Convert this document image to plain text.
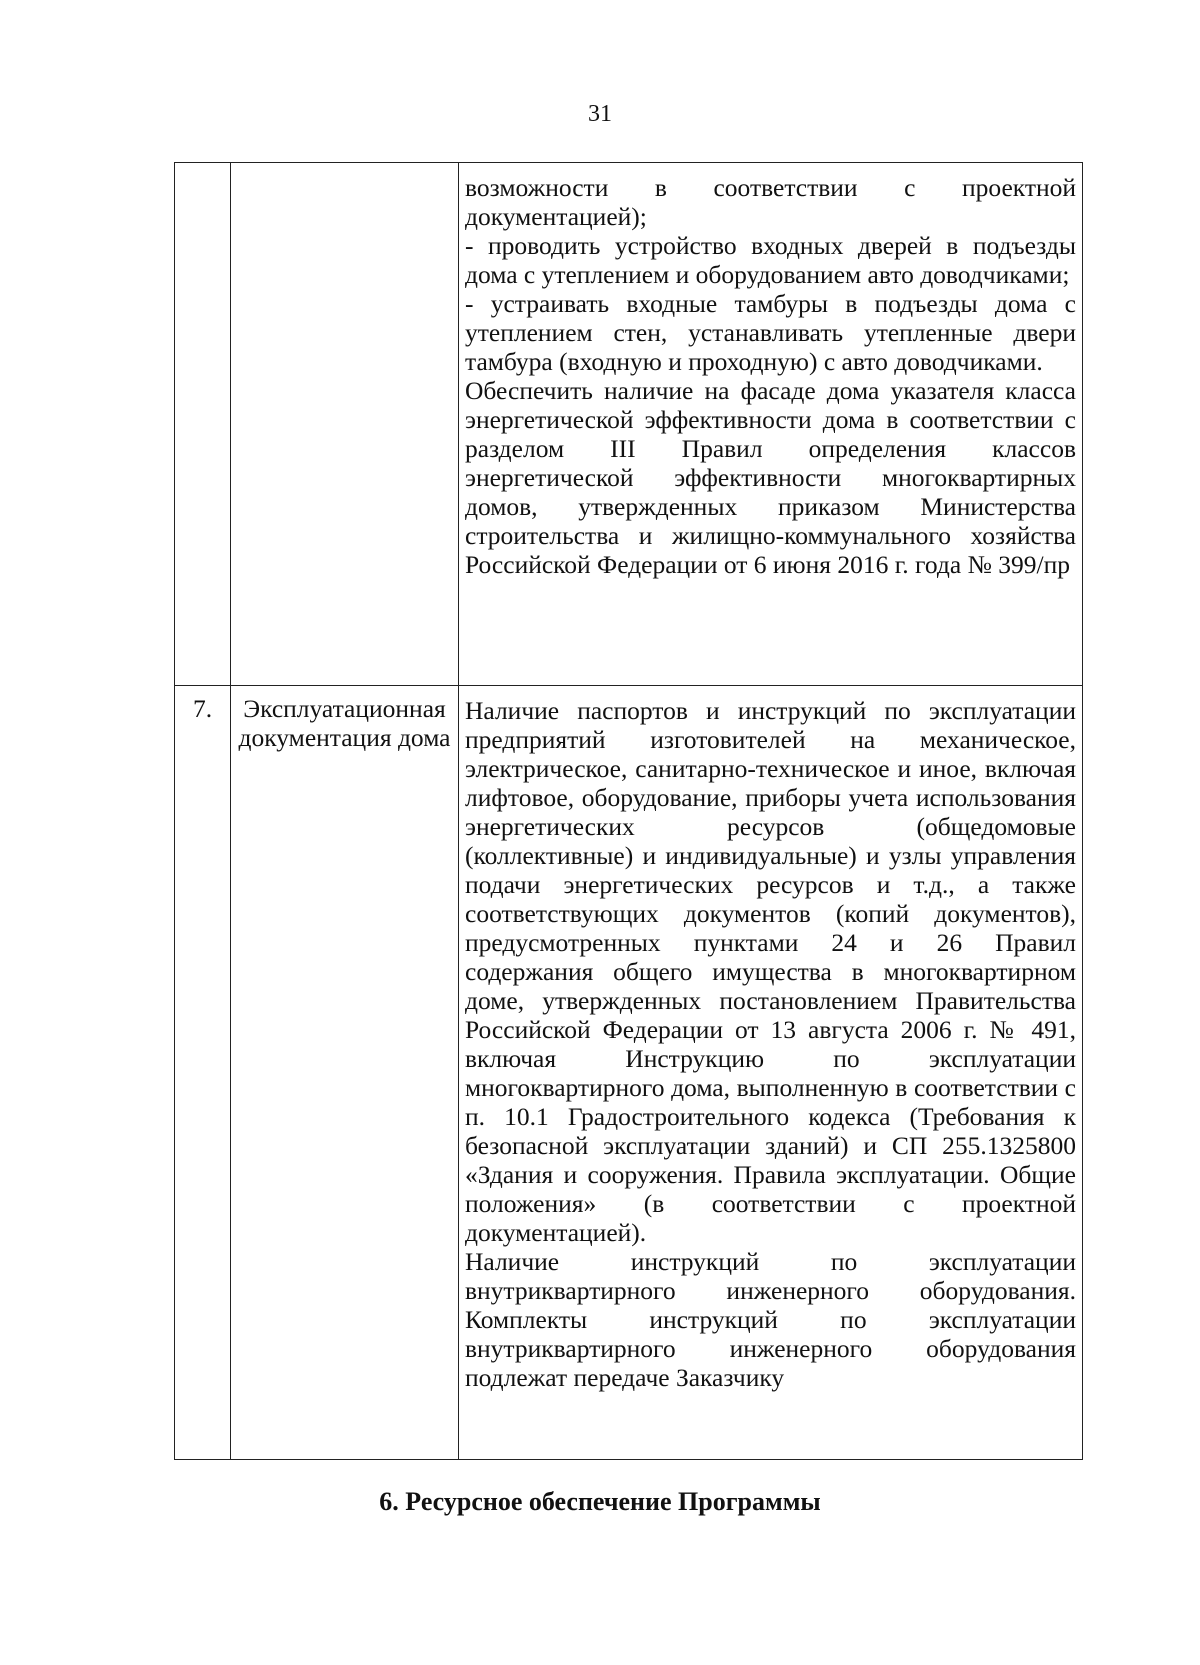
31

		возможности в соответствии с проектной документацией);

- проводить устройство входных дверей в подъезды дома с утеплением и оборудованием авто доводчиками;

- устраивать входные тамбуры в подъезды дома с утеплением стен, устанавливать утепленные двери тамбура (входную и проходную) с авто доводчиками.

Обеспечить наличие на фасаде дома указателя класса энергетической эффективности дома в соответствии с разделом III Правил определения классов энергетической эффективности многоквартирных домов, утвержденных приказом Министерства строительства и жилищно-коммунального хозяйства Российской Федерации от 6 июня 2016 г. года № 399/пр

7.	Эксплуатационная документация дома	Наличие паспортов и инструкций по эксплуатации предприятий изготовителей на механическое, электрическое, санитарно-техническое и иное, включая лифтовое, оборудование, приборы учета использования энергетических ресурсов (общедомовые (коллективные) и индивидуальные) и узлы управления подачи энергетических ресурсов и т.д., а также соответствующих документов (копий документов), предусмотренных пунктами 24 и 26 Правил содержания общего имущества в многоквартирном доме, утвержденных постановлением Правительства Российской Федерации от 13 августа 2006 г. № 491, включая Инструкцию по эксплуатации многоквартирного дома, выполненную в соответствии с п. 10.1 Градостроительного кодекса (Требования к безопасной эксплуатации зданий) и СП 255.1325800 «Здания и сооружения. Правила эксплуатации. Общие положения» (в соответствии с проектной документацией).

Наличие инструкций по эксплуатации внутриквартирного инженерного оборудования. Комплекты инструкций по эксплуатации внутриквартирного инженерного оборудования подлежат передаче Заказчику

6. Ресурсное обеспечение Программы
